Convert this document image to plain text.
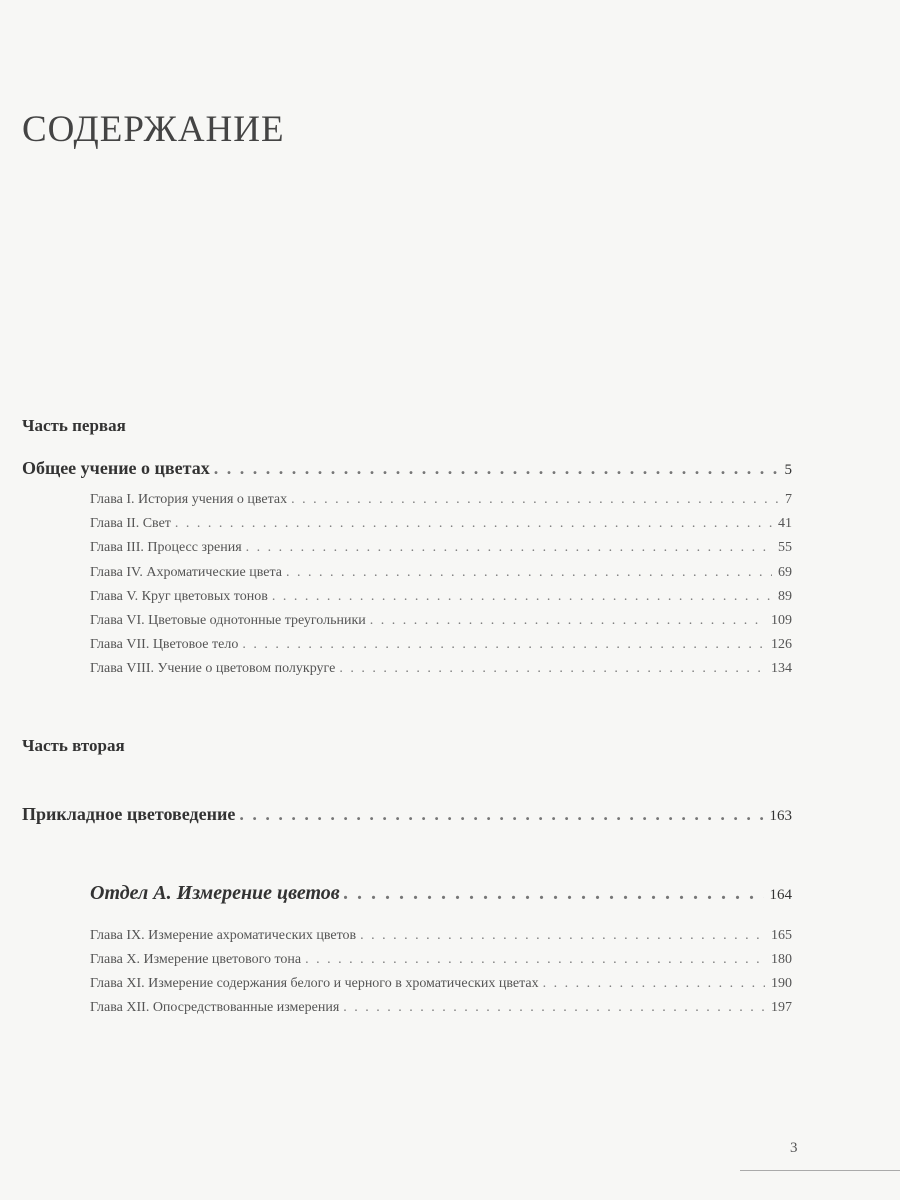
СОДЕРЖАНИЕ
Часть первая
Общее учение о цветах . . .	5
Глава I. История учения о цветах . . .	7
Глава II. Свет . . .	41
Глава III. Процесс зрения . . .	55
Глава IV. Ахроматические цвета . . .	69
Глава V. Круг цветовых тонов . . .	89
Глава VI. Цветовые однотонные треугольники . . .	109
Глава VII. Цветовое тело . . .	126
Глава VIII. Учение о цветовом полукруге . . .	134
Часть вторая
Прикладное цветоведение . . .	163
Отдел А. Измерение цветов . . .	164
Глава IX. Измерение ахроматических цветов . . .	165
Глава X. Измерение цветового тона . . .	180
Глава XI. Измерение содержания белого и черного в хроматических цветах . . .	190
Глава XII. Опосредствованные измерения . . .	197
3
